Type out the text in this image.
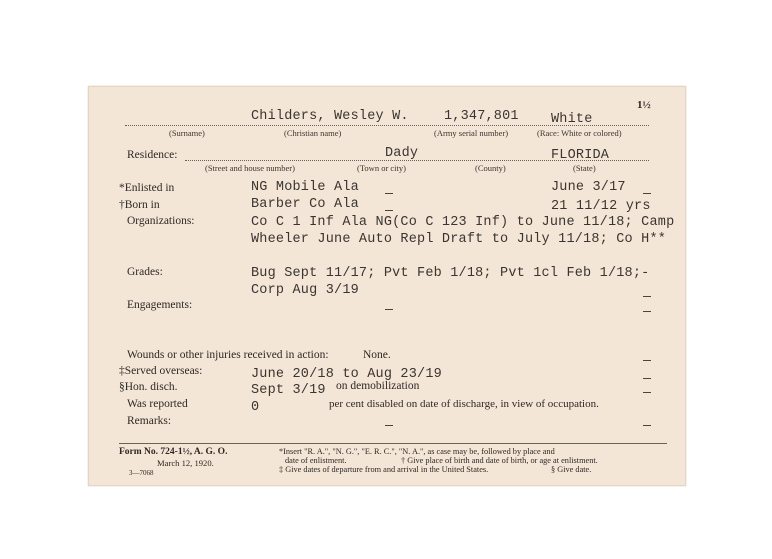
1½
Childers, Wesley W.	1,347,801 White
(Surname)	(Christian name)	(Army serial number)	(Race: White or colored)
Residence:	Dady	FLORIDA
(Street and house number)	(Town or city)	(County)	(State)
*Enlisted in	NG Mobile Ala	June 3/17
†Born in	Barber Co Ala	21 11/12 yrs
Organizations:	Co C 1 Inf Ala NG(Co C 123 Inf) to June 11/18; Camp
Wheeler June Auto Repl Draft to July 11/18; Co H**
Grades:	Bug Sept 11/17; Pvt Feb 1/18; Pvt 1cl Feb 1/18;-
Corp Aug 3/19
Engagements:
Wounds or other injuries received in action:	None.
‡Served overseas:	June 20/18 to Aug 23/19
§Hon. disch.	Sept 3/19 on demobilization
Was reported	0	per cent disabled on date of discharge, in view of occupation.
Remarks:
Form No. 724-1½, A. G. O.
March 12, 1920.
3—7068
*Insert "R. A.", "N. G.", "E. R. C.", "N. A.", as case may be, followed by place and
date of enlistment.	† Give place of birth and date of birth, or age at enlistment.
‡ Give dates of departure from and arrival in the United States.	§ Give date.
